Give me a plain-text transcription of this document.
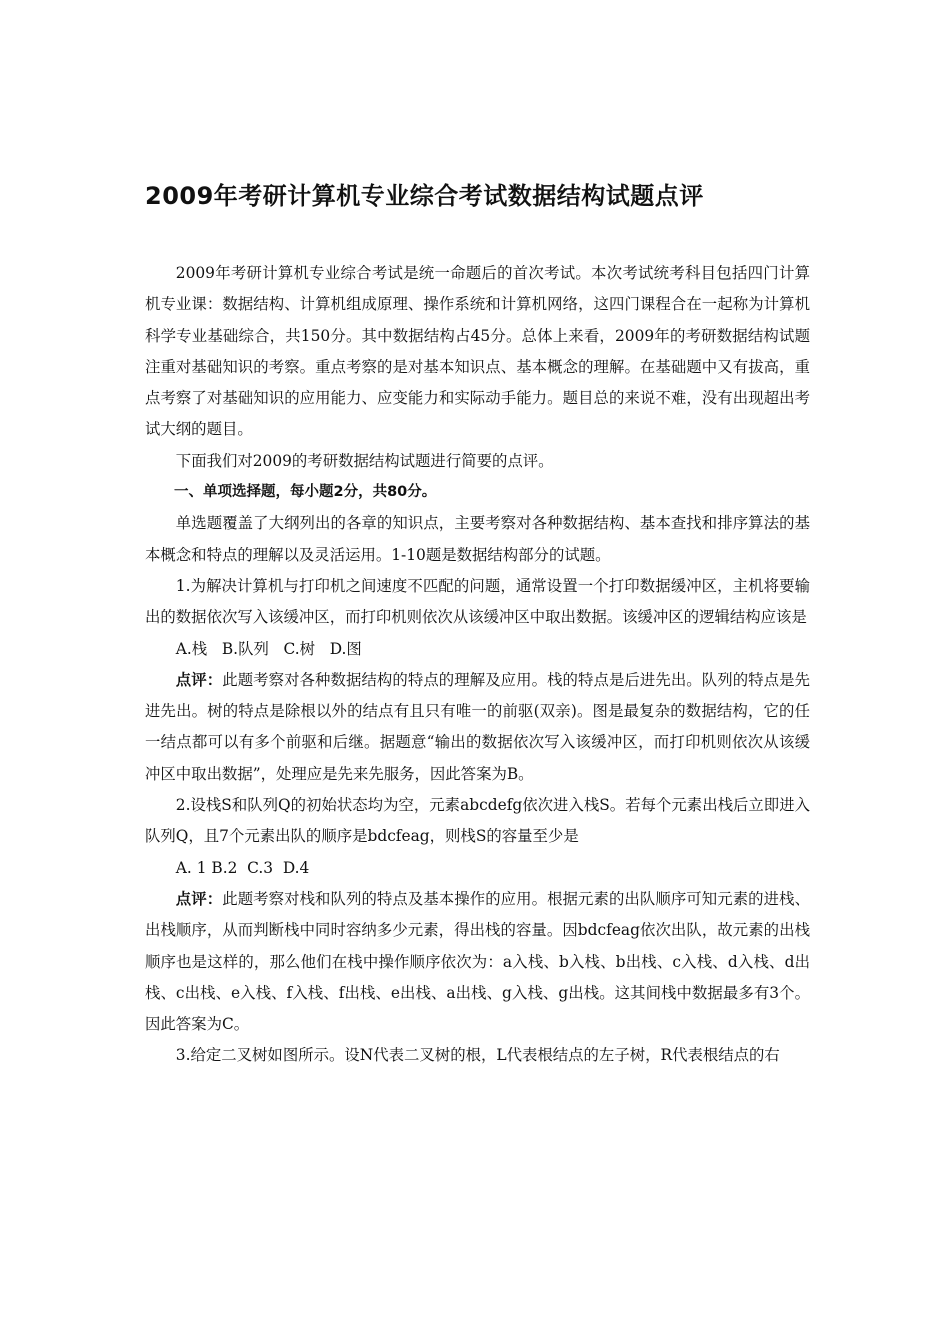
2009年考研计算机专业综合考试数据结构试题点评

2009年考研计算机专业综合考试是统一命题后的首次考试。本次考试统考科目包括四门计算机专业课：数据结构、计算机组成原理、操作系统和计算机网络，这四门课程合在一起称为计算机科学专业基础综合，共150分。其中数据结构占45分。总体上来看，2009年的考研数据结构试题注重对基础知识的考察。重点考察的是对基本知识点、基本概念的理解。在基础题中又有拔高，重点考察了对基础知识的应用能力、应变能力和实际动手能力。题目总的来说不难，没有出现超出考试大纲的题目。

下面我们对2009的考研数据结构试题进行简要的点评。

一、单项选择题，每小题2分，共80分。

单选题覆盖了大纲列出的各章的知识点，主要考察对各种数据结构、基本查找和排序算法的基本概念和特点的理解以及灵活运用。1-10题是数据结构部分的试题。

1.为解决计算机与打印机之间速度不匹配的问题，通常设置一个打印数据缓冲区，主机将要输出的数据依次写入该缓冲区，而打印机则依次从该缓冲区中取出数据。该缓冲区的逻辑结构应该是

A.栈   B.队列   C.树   D.图

点评：此题考察对各种数据结构的特点的理解及应用。栈的特点是后进先出。队列的特点是先进先出。树的特点是除根以外的结点有且只有唯一的前驱(双亲)。图是最复杂的数据结构，它的任一结点都可以有多个前驱和后继。据题意“输出的数据依次写入该缓冲区，而打印机则依次从该缓冲区中取出数据”，处理应是先来先服务，因此答案为B。

2.设栈S和队列Q的初始状态均为空，元素abcdefg依次进入栈S。若每个元素出栈后立即进入队列Q，且7个元素出队的顺序是bdcfeag，则栈S的容量至少是

A. 1 B.2  C.3  D.4

点评：此题考察对栈和队列的特点及基本操作的应用。根据元素的出队顺序可知元素的进栈、出栈顺序，从而判断栈中同时容纳多少元素，得出栈的容量。因bdcfeag依次出队，故元素的出栈顺序也是这样的，那么他们在栈中操作顺序依次为：a入栈、b入栈、b出栈、c入栈、d入栈、d出栈、c出栈、e入栈、f入栈、f出栈、e出栈、a出栈、g入栈、g出栈。这其间栈中数据最多有3个。因此答案为C。

3.给定二叉树如图所示。设N代表二叉树的根，L代表根结点的左子树，R代表根结点的右
